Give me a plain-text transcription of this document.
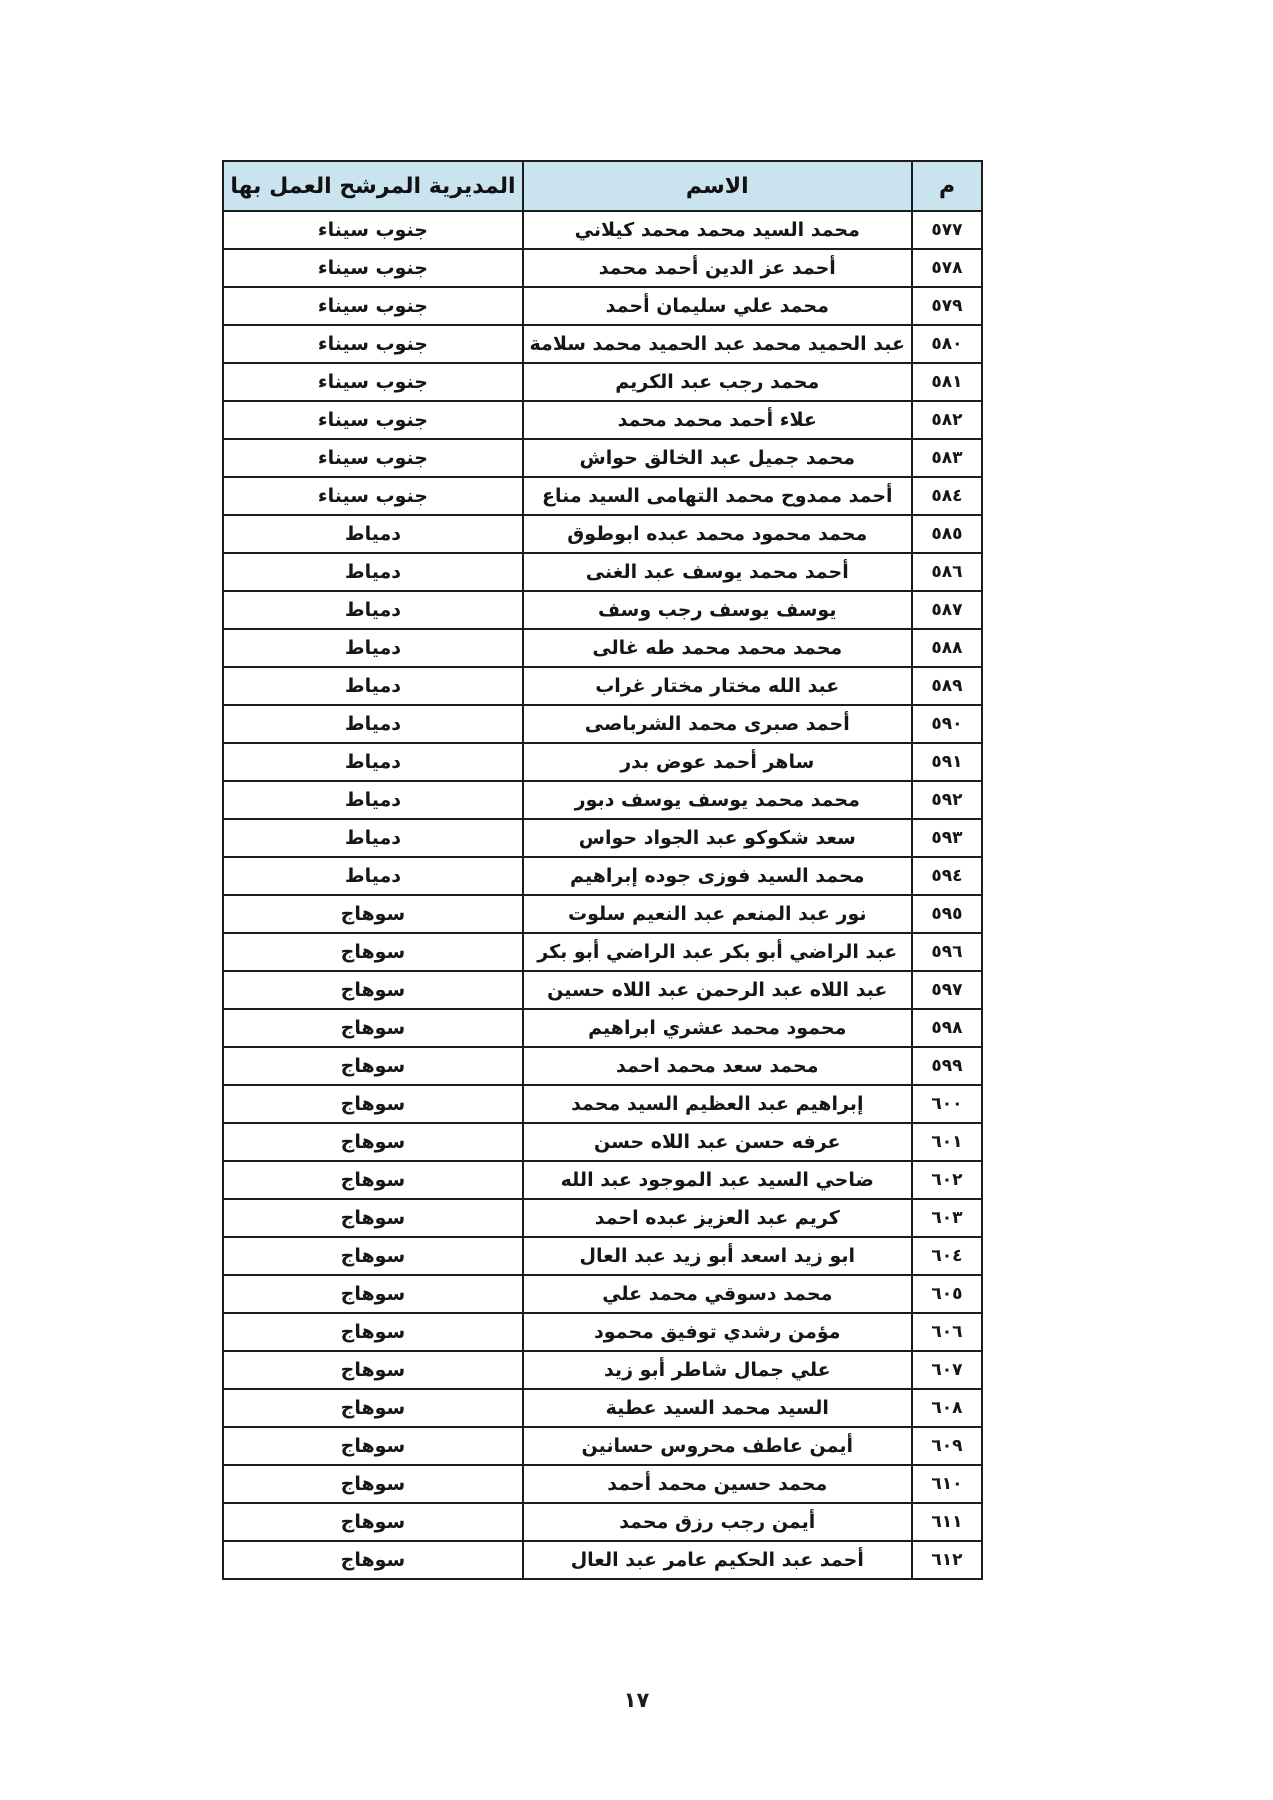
م	الاسم	المديرية المرشح العمل بها
٥٧٧	محمد السيد محمد محمد كيلاني	جنوب سيناء
٥٧٨	أحمد عز الدين أحمد محمد	جنوب سيناء
٥٧٩	محمد علي سليمان أحمد	جنوب سيناء
٥٨٠	عبد الحميد محمد عبد الحميد محمد سلامة	جنوب سيناء
٥٨١	محمد رجب عبد الكريم	جنوب سيناء
٥٨٢	علاء أحمد محمد محمد	جنوب سيناء
٥٨٣	محمد جميل عبد الخالق حواش	جنوب سيناء
٥٨٤	أحمد ممدوح محمد التهامى السيد مناع	جنوب سيناء
٥٨٥	محمد محمود محمد عبده ابوطوق	دمياط
٥٨٦	أحمد محمد يوسف عبد الغنى	دمياط
٥٨٧	يوسف يوسف رجب وسف	دمياط
٥٨٨	محمد محمد محمد طه غالى	دمياط
٥٨٩	عبد الله مختار مختار غراب	دمياط
٥٩٠	أحمد صبرى محمد الشرباصى	دمياط
٥٩١	ساهر أحمد عوض بدر	دمياط
٥٩٢	محمد محمد يوسف يوسف دبور	دمياط
٥٩٣	سعد شكوكو عبد الجواد حواس	دمياط
٥٩٤	محمد السيد فوزى جوده إبراهيم	دمياط
٥٩٥	نور عبد المنعم عبد النعيم سلوت	سوهاج
٥٩٦	عبد الراضي أبو بكر عبد الراضي أبو بكر	سوهاج
٥٩٧	عبد اللاه عبد الرحمن عبد اللاه حسين	سوهاج
٥٩٨	محمود محمد عشري ابراهيم	سوهاج
٥٩٩	محمد سعد محمد احمد	سوهاج
٦٠٠	إبراهيم عبد العظيم السيد محمد	سوهاج
٦٠١	عرفه حسن عبد اللاه حسن	سوهاج
٦٠٢	ضاحي السيد عبد الموجود عبد الله	سوهاج
٦٠٣	كريم عبد العزيز عبده احمد	سوهاج
٦٠٤	ابو زيد اسعد أبو زيد عبد العال	سوهاج
٦٠٥	محمد دسوقي محمد علي	سوهاج
٦٠٦	مؤمن رشدي توفيق محمود	سوهاج
٦٠٧	علي جمال شاطر أبو زيد	سوهاج
٦٠٨	السيد محمد السيد عطية	سوهاج
٦٠٩	أيمن عاطف محروس حسانين	سوهاج
٦١٠	محمد حسين محمد أحمد	سوهاج
٦١١	أيمن رجب رزق محمد	سوهاج
٦١٢	أحمد عبد الحكيم عامر عبد العال	سوهاج
١٧
